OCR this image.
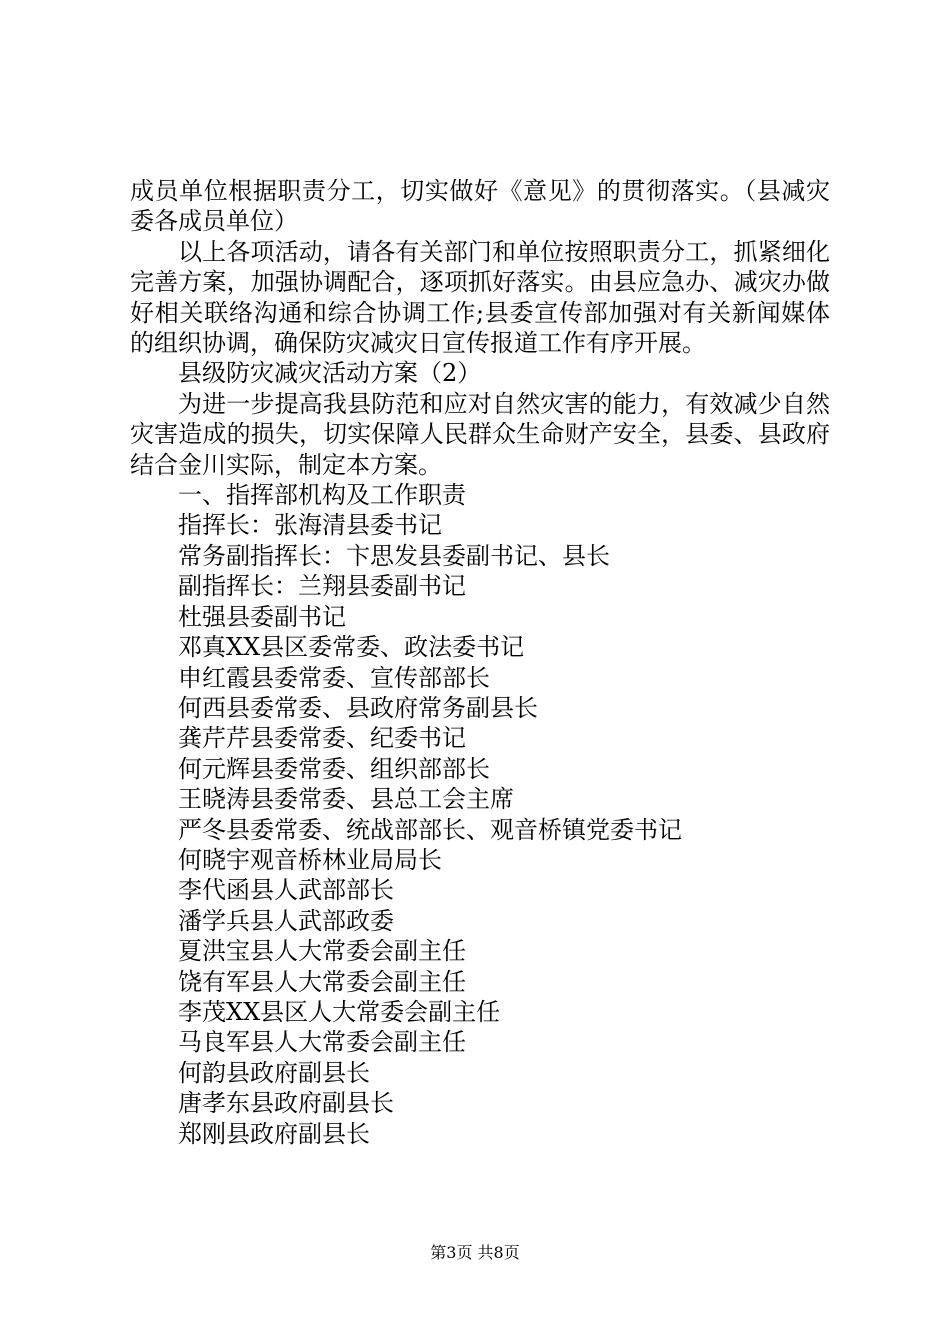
成员单位根据职责分工，切实做好《意见》的贯彻落实。（县减灾委各成员单位）

以上各项活动，请各有关部门和单位按照职责分工，抓紧细化完善方案，加强协调配合，逐项抓好落实。由县应急办、减灾办做好相关联络沟通和综合协调工作;县委宣传部加强对有关新闻媒体的组织协调，确保防灾减灾日宣传报道工作有序开展。

县级防灾减灾活动方案（2）

为进一步提高我县防范和应对自然灾害的能力，有效减少自然灾害造成的损失，切实保障人民群众生命财产安全，县委、县政府结合金川实际，制定本方案。

一、指挥部机构及工作职责
指挥长：张海清县委书记
常务副指挥长：卞思发县委副书记、县长
副指挥长：兰翔县委副书记
杜强县委副书记
邓真XX县区委常委、政法委书记
申红霞县委常委、宣传部部长
何西县委常委、县政府常务副县长
龚芹芹县委常委、纪委书记
何元辉县委常委、组织部部长
王晓涛县委常委、县总工会主席
严冬县委常委、统战部部长、观音桥镇党委书记
何晓宇观音桥林业局局长
李代函县人武部部长
潘学兵县人武部政委
夏洪宝县人大常委会副主任
饶有军县人大常委会副主任
李茂XX县区人大常委会副主任
马良军县人大常委会副主任
何韵县政府副县长
唐孝东县政府副县长
郑刚县政府副县长
第3页 共8页
